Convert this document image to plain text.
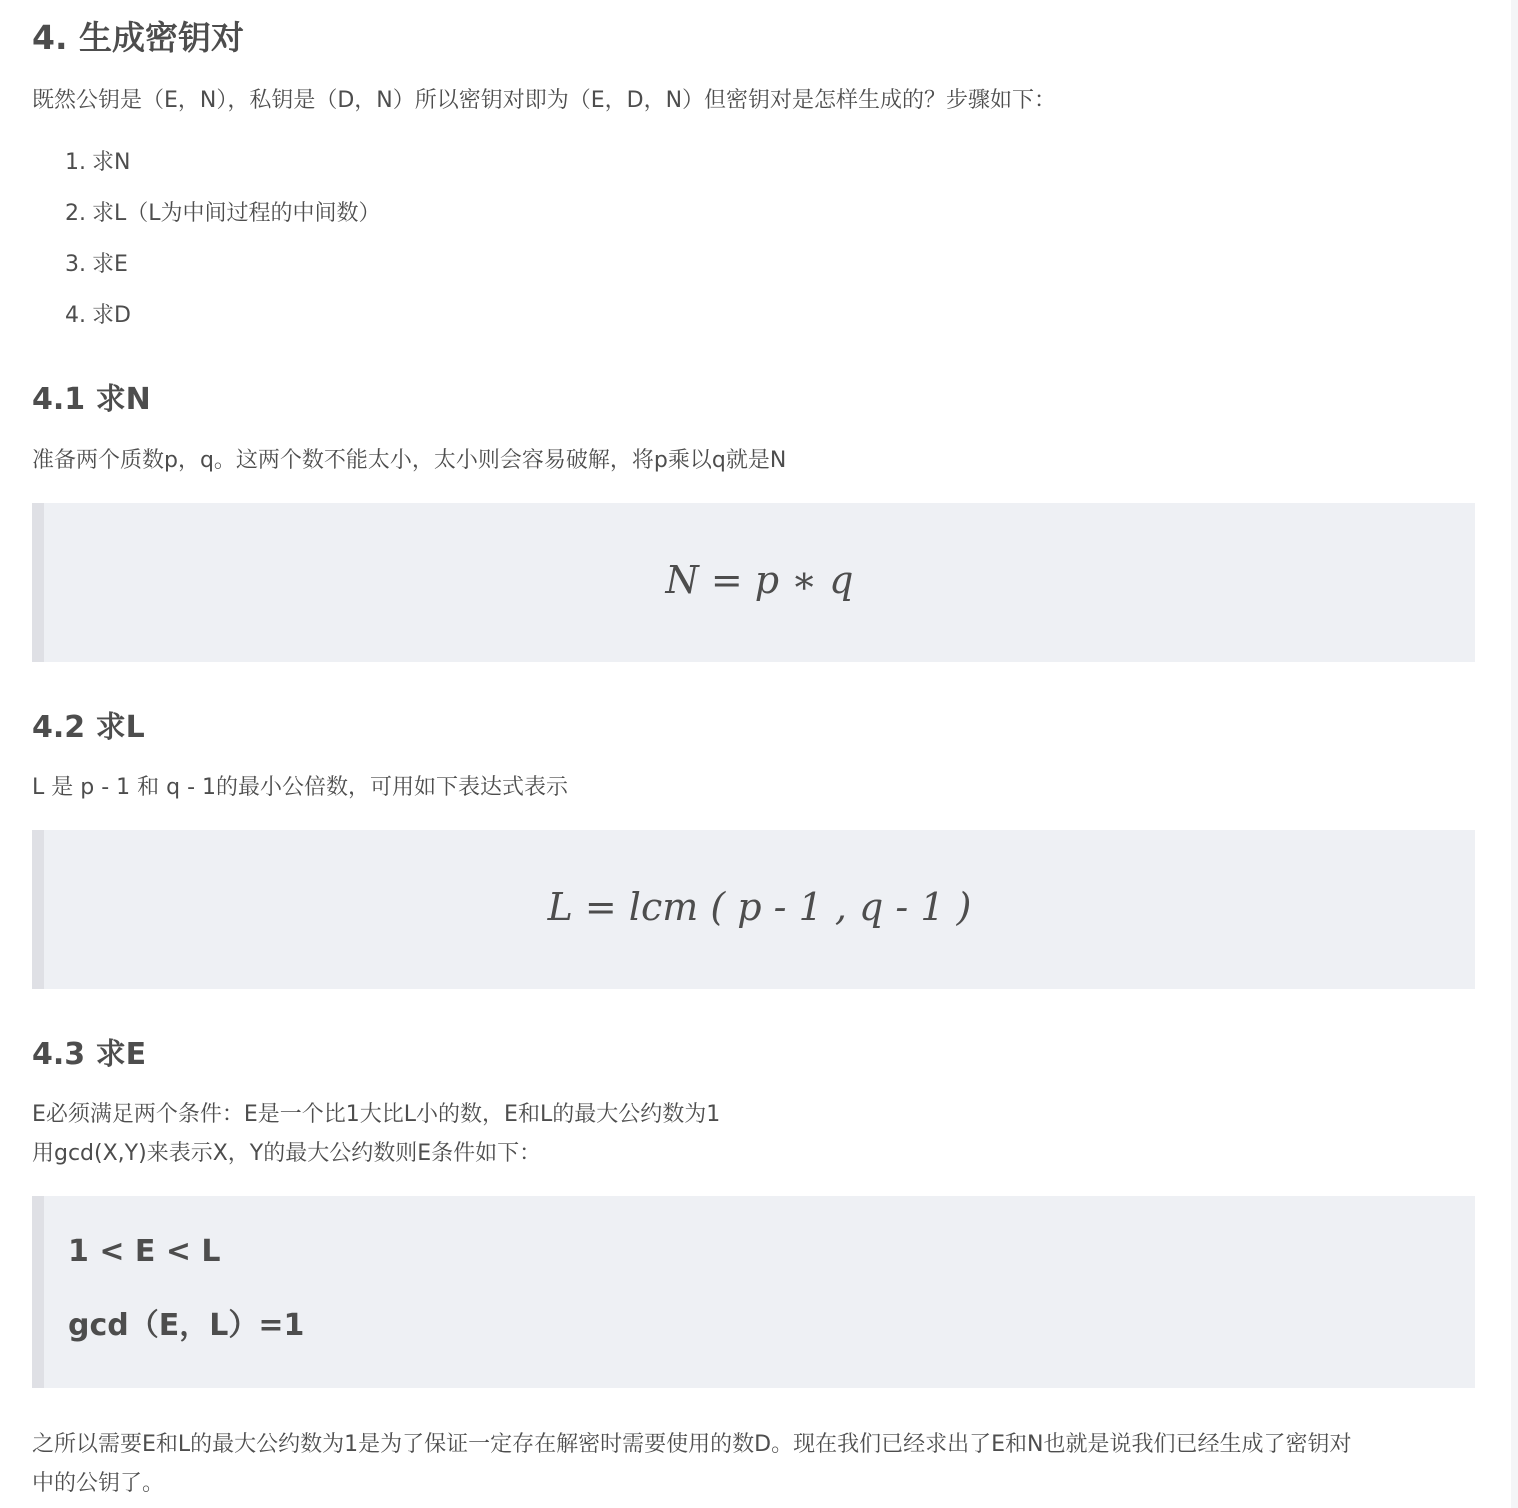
4. 生成密钥对

既然公钥是（E，N），私钥是（D，N）所以密钥对即为（E，D，N）但密钥对是怎样生成的？步骤如下：

1. 求N
2. 求L（L为中间过程的中间数）
3. 求E
4. 求D
4.1 求N

准备两个质数p，q。这两个数不能太小，太小则会容易破解，将p乘以q就是N

N = p ∗ q
4.2 求L

L 是 p - 1 和 q - 1的最小公倍数，可用如下表达式表示

L = lcm ( p - 1 , q - 1 )
4.3 求E

E必须满足两个条件：E是一个比1大比L小的数，E和L的最大公约数为1

用gcd(X,Y)来表示X，Y的最大公约数则E条件如下：

1 < E < L
gcd（E，L）=1

之所以需要E和L的最大公约数为1是为了保证一定存在解密时需要使用的数D。现在我们已经求出了E和N也就是说我们已经生成了密钥对

中的公钥了。
